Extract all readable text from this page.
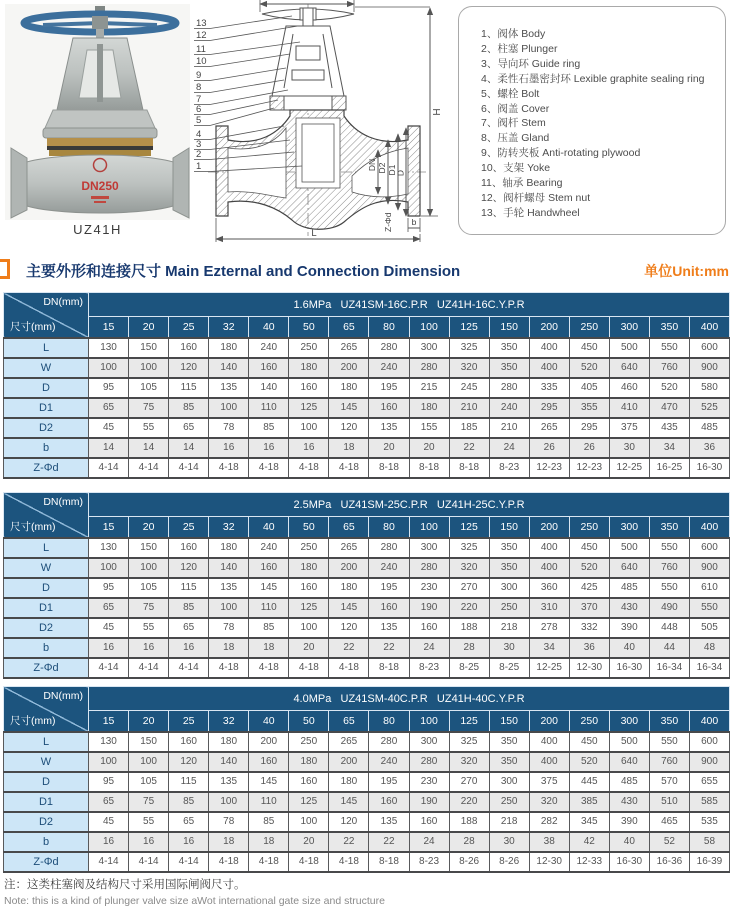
DN250
UZ41H
H
DN D2 D1
D
Z-Φd b
L
13
12
11
10
9
8
7
6
5
4
3
2
1
1、阀体 Body
2、柱塞 Plunger
3、导向环 Guide ring
4、柔性石墨密封环 Lexible graphite sealing ring
5、螺栓 Bolt
6、阀盖 Cover
7、阀杆 Stem
8、压盖 Gland
9、防转夹板 Anti-rotating plywood
10、支架 Yoke
11、轴承 Bearing
12、阀杆螺母 Stem nut
13、手轮 Handwheel
主要外形和连接尺寸 Main Ezternal and Connection Dimension	单位Unit:mm
DN(mm)
尺寸(mm)	1.6MPa   UZ41SM-16C.P.R   UZ41H-16C.Y.P.R															
	15	20	25	32	40	50	65	80	100	125	150	200	250	300	350	400
L	130	150	160	180	240	250	265	280	300	325	350	400	450	500	550	600
W	100	100	120	140	160	180	200	240	280	320	350	400	520	640	760	900
D	95	105	115	135	140	160	180	195	215	245	280	335	405	460	520	580
D1	65	75	85	100	110	125	145	160	180	210	240	295	355	410	470	525
D2	45	55	65	78	85	100	120	135	155	185	210	265	295	375	435	485
b	14	14	14	16	16	16	18	20	20	22	24	26	26	30	34	36
Z-Φd	4-14	4-14	4-14	4-18	4-18	4-18	4-18	8-18	8-18	8-18	8-23	12-23	12-23	12-25	16-25	16-30
DN(mm)
尺寸(mm)	2.5MPa   UZ41SM-25C.P.R   UZ41H-25C.Y.P.R															
	15	20	25	32	40	50	65	80	100	125	150	200	250	300	350	400
L	130	150	160	180	240	250	265	280	300	325	350	400	450	500	550	600
W	100	100	120	140	160	180	200	240	280	320	350	400	520	640	760	900
D	95	105	115	135	145	160	180	195	230	270	300	360	425	485	550	610
D1	65	75	85	100	110	125	145	160	190	220	250	310	370	430	490	550
D2	45	55	65	78	85	100	120	135	160	188	218	278	332	390	448	505
b	16	16	16	18	18	20	22	22	24	28	30	34	36	40	44	48
Z-Φd	4-14	4-14	4-14	4-18	4-18	4-18	4-18	8-18	8-23	8-25	8-25	12-25	12-30	16-30	16-34	16-34
DN(mm)
尺寸(mm)	4.0MPa   UZ41SM-40C.P.R   UZ41H-40C.Y.P.R															
	15	20	25	32	40	50	65	80	100	125	150	200	250	300	350	400
L	130	150	160	180	200	250	265	280	300	325	350	400	450	500	550	600
W	100	100	120	140	160	180	200	240	280	320	350	400	520	640	760	900
D	95	105	115	135	145	160	180	195	230	270	300	375	445	485	570	655
D1	65	75	85	100	110	125	145	160	190	220	250	320	385	430	510	585
D2	45	55	65	78	85	100	120	135	160	188	218	282	345	390	465	535
b	16	16	16	18	18	20	22	22	24	28	30	38	42	40	52	58
Z-Φd	4-14	4-14	4-14	4-18	4-18	4-18	4-18	8-18	8-23	8-26	8-26	12-30	12-33	16-30	16-36	16-39
注：这类柱塞阀及结构尺寸采用国际闸阀尺寸。
Note: this is a kind of plunger valve size aWot international gate size and structure
